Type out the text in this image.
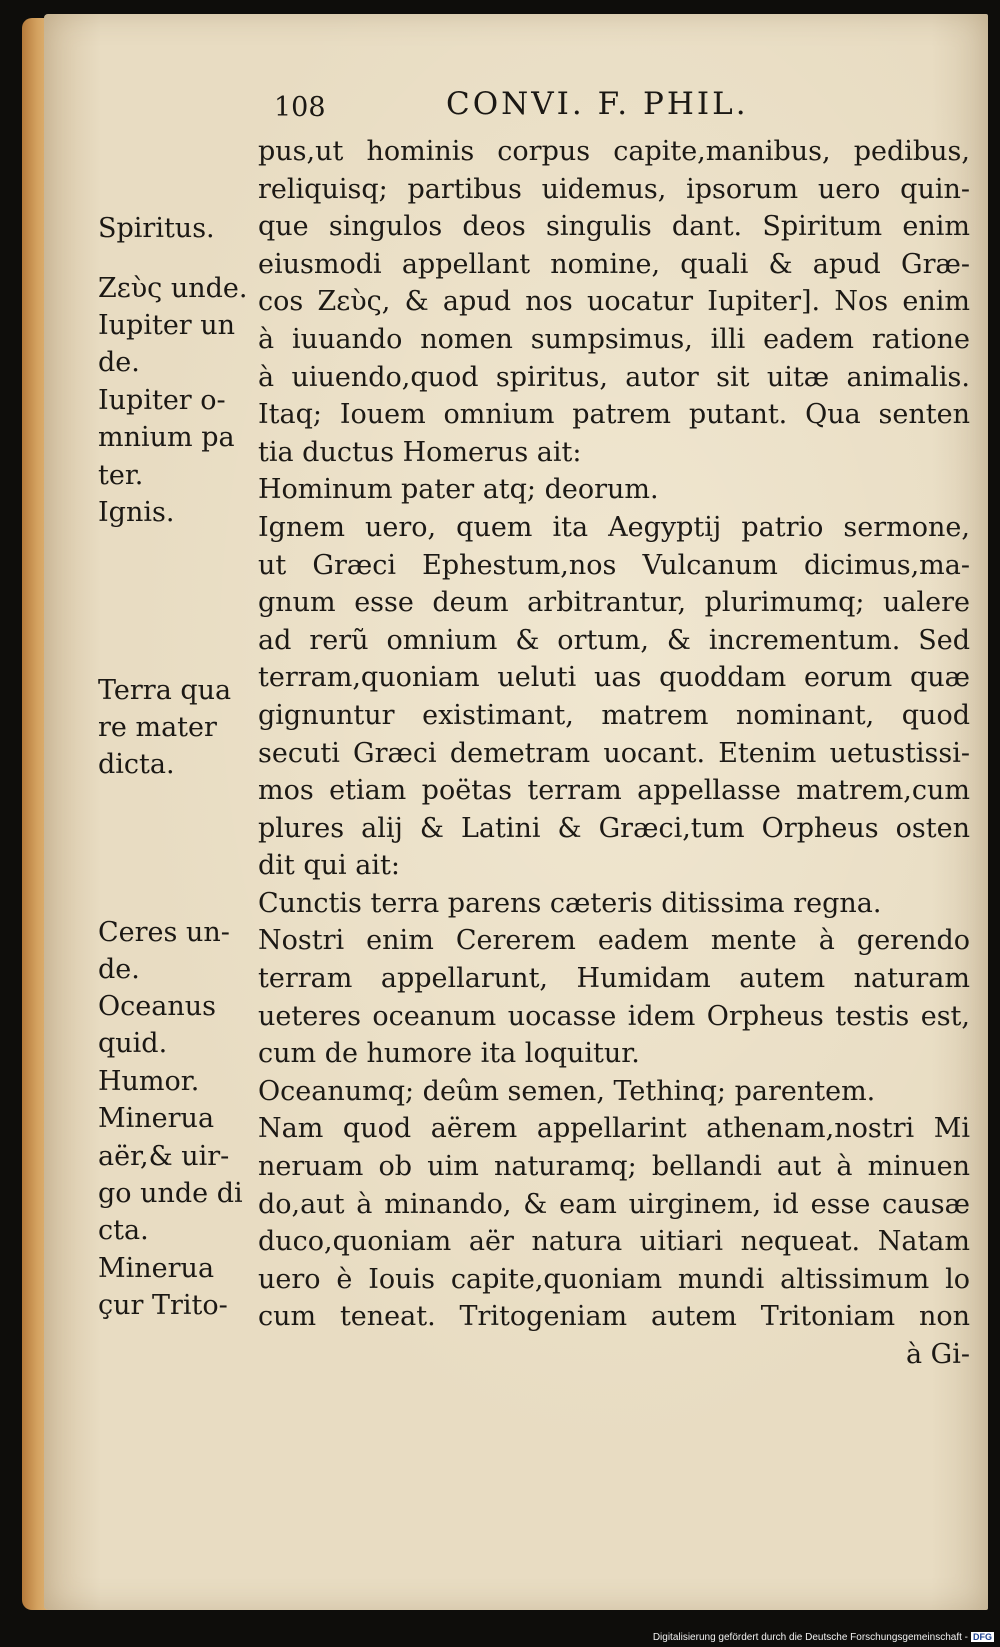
108	CONVI. F. PHIL.
Spiritus.
Ζεὺς unde.
Iupiter un
de.
Iupiter o-
mnium pa
ter.
Ignis.
Terra qua
re mater
dicta.
Ceres un-
de.
Oceanus
quid.
Humor.
Minerua
aër,& uir-
go unde di
cta.
Minerua
çur Trito-
pus,ut hominis corpus capite,manibus, pedibus,
reliquisq; partibus uidemus, ipsorum uero quin-
que singulos deos singulis dant. Spiritum enim
eiusmodi appellant nomine, quali & apud Græ-
cos Ζεὺς, & apud nos uocatur Iupiter]. Nos enim
à iuuando nomen sumpsimus, illi eadem ratione
à uiuendo,quod spiritus, autor sit uitæ animalis.
Itaq; Iouem omnium patrem putant. Qua senten
tia ductus Homerus ait:
Hominum pater atq; deorum.
Ignem uero, quem ita Aegyptij patrio sermone,
ut Græci Ephestum,nos Vulcanum dicimus,ma-
gnum esse deum arbitrantur, plurimumq; ualere
ad rerũ omnium & ortum, & incrementum. Sed
terram,quoniam ueluti uas quoddam eorum quæ
gignuntur existimant, matrem nominant, quod
secuti Græci demetram uocant. Etenim uetustissi-
mos etiam poëtas terram appellasse matrem,cum
plures alij & Latini & Græci,tum Orpheus osten
dit qui ait:
Cunctis terra parens cæteris ditissima regna.
Nostri enim Cererem eadem mente à gerendo
terram appellarunt, Humidam autem naturam
ueteres oceanum uocasse idem Orpheus testis est,
cum de humore ita loquitur.
Oceanumq; deûm semen, Tethinq; parentem.
Nam quod aërem appellarint athenam,nostri Mi
neruam ob uim naturamq; bellandi aut à minuen
do,aut à minando, & eam uirginem, id esse causæ
duco,quoniam aër natura uitiari nequeat. Natam
uero è Iouis capite,quoniam mundi altissimum lo
cum teneat. Tritogeniam autem Tritoniam non
à Gi-
Digitalisierung gefördert durch die Deutsche Forschungsgemeinschaft - DFG
